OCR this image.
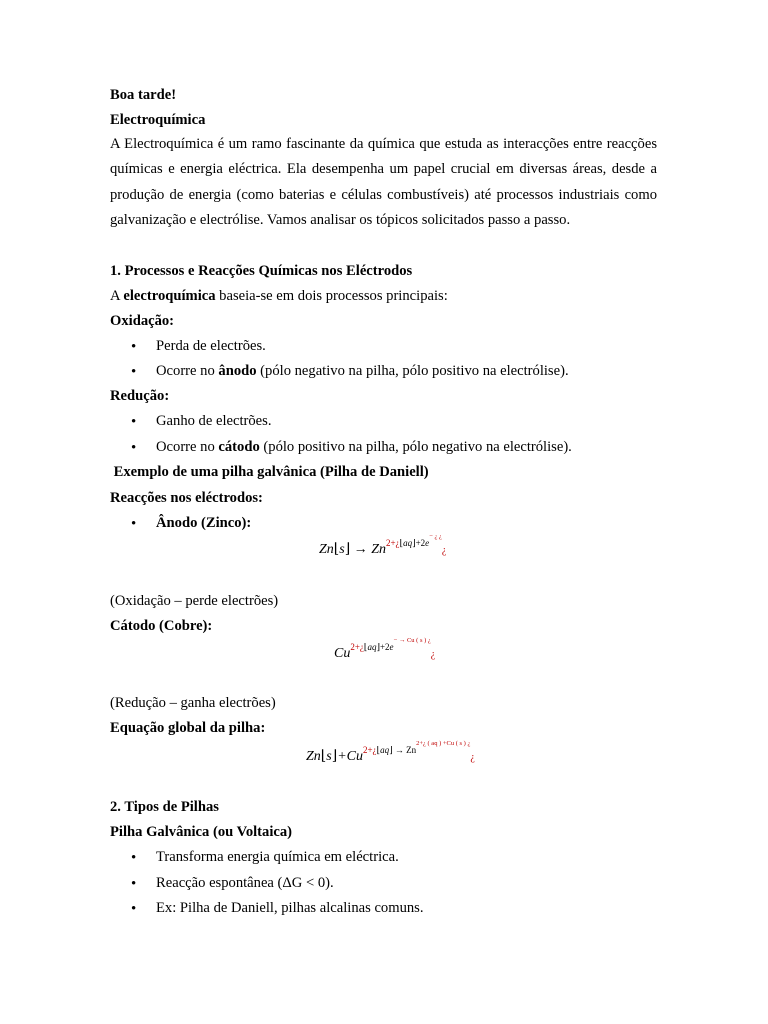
Boa tarde!
Electroquímica
A Electroquímica é um ramo fascinante da química que estuda as interacções entre reacções químicas e energia eléctrica. Ela desempenha um papel crucial em diversas áreas, desde a produção de energia (como baterias e células combustíveis) até processos industriais como galvanização e electrólise. Vamos analisar os tópicos solicitados passo a passo.
1. Processos e Reacções Químicas nos Eléctrodos
A electroquímica baseia-se em dois processos principais:
Oxidação:
•	Perda de electrões.
•	Ocorre no ânodo (pólo negativo na pilha, pólo positivo na electrólise).
Redução:
•	Ganho de electrões.
•	Ocorre no cátodo (pólo positivo na pilha, pólo negativo na electrólise).
Exemplo de uma pilha galvânica (Pilha de Daniell)
Reacções nos eléctrodos:
•	Ânodo (Zinco):
Zn⌊s⌋ → $Zn^{2+¿⌊aq⌋+2e^{- ¿ ¿}}¿$
(Oxidação – perde electrões)
Cátodo (Cobre):
$Cu^{2+¿⌊aq⌋+2e^{- \to Cu ( s ) ¿}}¿$
(Redução – ganha electrões)
Equação global da pilha:
$Zn⌊s⌋+Cu^{2+¿⌊aq⌋ \to Zn^{2+¿ ( aq ) +Cu ( s ) ¿}}¿$
2. Tipos de Pilhas
Pilha Galvânica (ou Voltaica)
•	Transforma energia química em eléctrica.
•	Reacção espontânea (ΔG < 0).
•	Ex: Pilha de Daniell, pilhas alcalinas comuns.
